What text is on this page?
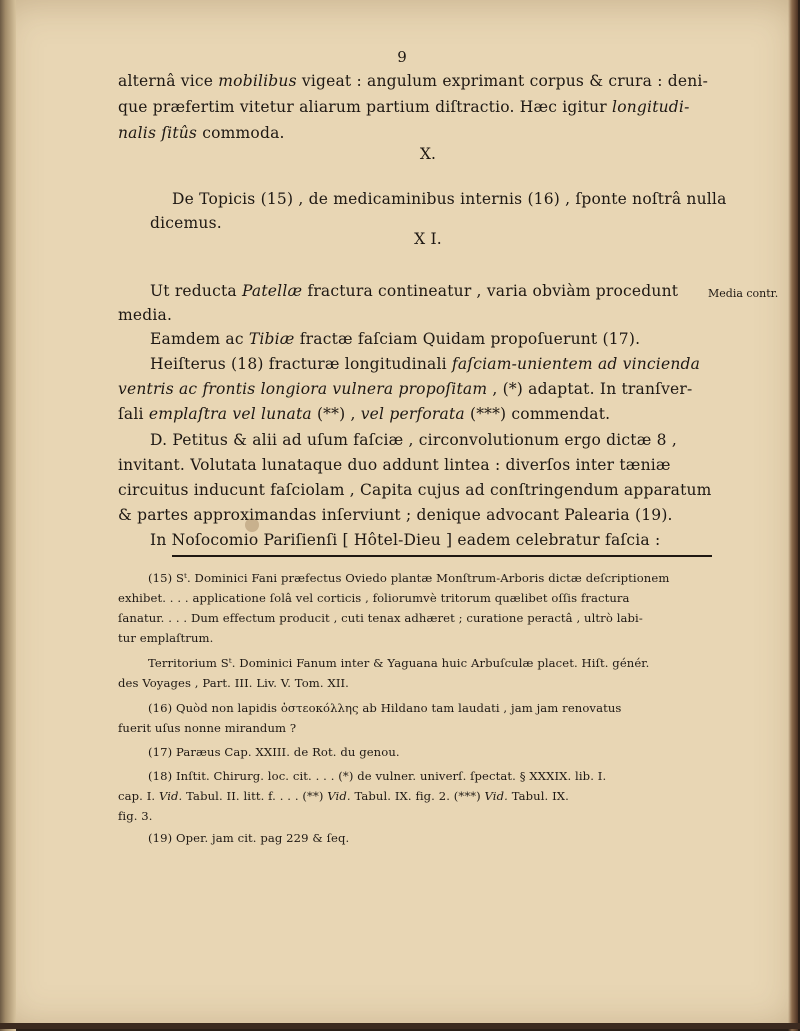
9
alternâ vice mobilibus vigeat : angulum exprimant corpus & crura : deni-
que præfertim vitetur aliarum partium diſtractio. Hæc igitur longitudi-
nalis ſitûs commoda.
X.
De Topicis (15) , de medicaminibus internis (16) , ſponte noſtrâ nulla
dicemus.
X I.
Ut reducta Patellæ fractura contineatur , varia obviàm procedunt	Media contr.
media.
Eamdem ac Tibiæ fractæ faſciam Quidam propoſuerunt (17).
Heiſterus (18) fracturæ longitudinali faſciam-unientem ad vincienda
ventris ac frontis longiora vulnera propoſitam , (*) adaptat. In tranſver-
ſali emplaſtra vel lunata (**) , vel perforata (***) commendat.
D. Petitus & alii ad uſum faſciæ , circonvolutionum ergo dictæ 8 ,
invitant. Volutata lunataque duo addunt lintea : diverſos inter tæniæ
circuitus inducunt faſciolam , Capita cujus ad conſtringendum apparatum
& partes approximandas inſerviunt ; denique advocant Palearia (19).
In Noſocomio Pariſienſi [ Hôtel-Dieu ] eadem celebratur faſcia :
(15) Sᵗ. Dominici Fani præfectus Oviedo plantæ Monſtrum-Arboris dictæ deſcriptionem
exhibet. . . . applicatione ſolâ vel corticis , foliorumvè tritorum quælibet oſſis fractura
ſanatur. . . . Dum effectum producit , cuti tenax adhæret ; curatione peractâ , ultrò labi-
tur emplaſtrum.
Territorium Sᵗ. Dominici Fanum inter & Yaguana huic Arbuſculæ placet. Hiſt. génér.
des Voyages , Part. III. Liv. V. Tom. XII.
(16) Quòd non lapidis ὀστεοκόλλης ab Hildano tam laudati , jam jam renovatus
fuerit uſus nonne mirandum ?
(17) Paræus Cap. XXIII. de Rot. du genou.
(18) Inſtit. Chirurg. loc. cit. . . . (*) de vulner. univerſ. ſpectat. § XXXIX. lib. I.
cap. I. Vid. Tabul. II. litt. f. . . . (**) Vid. Tabul. IX. fig. 2. (***) Vid. Tabul. IX.
fig. 3.
(19) Oper. jam cit. pag 229 & ſeq.
